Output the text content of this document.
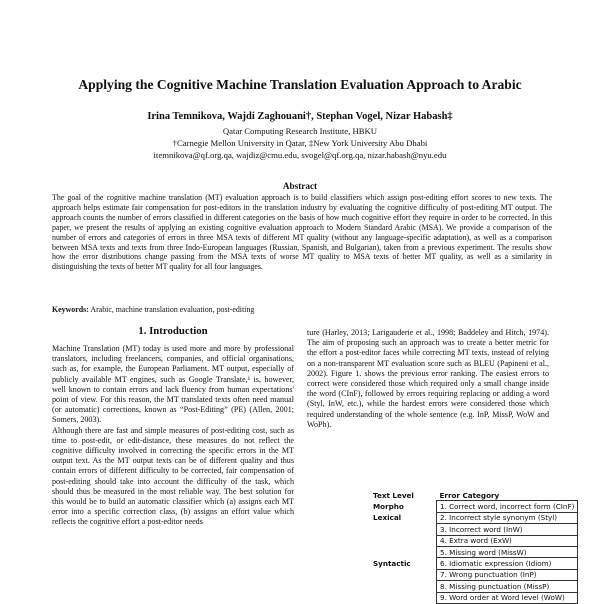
Applying the Cognitive Machine Translation Evaluation Approach to Arabic
Irina Temnikova, Wajdi Zaghouani†, Stephan Vogel, Nizar Habash‡
Qatar Computing Research Institute, HBKU
†Carnegie Mellon University in Qatar, ‡New York University Abu Dhabi
itemnikova@qf.org.qa, wajdiz@cmu.edu, svogel@qf.org.qa, nizar.habash@nyu.edu
Abstract
The goal of the cognitive machine translation (MT) evaluation approach is to build classifiers which assign post-editing effort scores to new texts. The approach helps estimate fair compensation for post-editors in the translation industry by evaluating the cognitive difficulty of post-editing MT output. The approach counts the number of errors classified in different categories on the basis of how much cognitive effort they require in order to be corrected. In this paper, we present the results of applying an existing cognitive evaluation approach to Modern Standard Arabic (MSA). We provide a comparison of the number of errors and categories of errors in three MSA texts of different MT quality (without any language-specific adaptation), as well as a comparison between MSA texts and texts from three Indo-European languages (Russian, Spanish, and Bulgarian), taken from a previous experiment. The results show how the error distributions change passing from the MSA texts of worse MT quality to MSA texts of better MT quality, as well as a similarity in distinguishing the texts of better MT quality for all four languages.
Keywords: Arabic, machine translation evaluation, post-editing
1. Introduction

Machine Translation (MT) today is used more and more by professional translators, including freelancers, companies, and official organisations, such as, for example, the European Parliament. MT output, especially of publicly available MT engines, such as Google Translate,¹ is, however, well known to contain errors and lack fluency from human expectations' point of view. For this reason, the MT translated texts often need manual (or automatic) corrections, known as “Post-Editing” (PE) (Allen, 2001; Somers, 2003).

Although there are fast and simple measures of post-editing cost, such as time to post-edit, or edit-distance, these measures do not reflect the cognitive difficulty involved in correcting the specific errors in the MT output text. As the MT output texts can be of different quality and thus contain errors of different difficulty to be corrected, fair compensation of post-editing should take into account the difficulty of the task, which should thus be measured in the most reliable way. The best solution for this would be to build an automatic classifier which (a) assigns each MT error into a specific correction class, (b) assigns an effort value which reflects the cognitive effort a post-editor needs

ture (Harley, 2013; Larigauderie et al., 1998; Baddeley and Hitch, 1974). The aim of proposing such an approach was to create a better metric for the effort a post-editor faces while correcting MT texts, instead of relying on a non-transparent MT evaluation score such as BLEU (Papineni et al., 2002). Figure 1. shows the previous error ranking. The easiest errors to correct were considered those which required only a small change inside the word (CInF), followed by errors requiring replacing or adding a word (Styl, InW, etc.), while the hardest errors were considered those which required understanding of the whole sentence (e.g. InP, MissP, WoW and WoPh).

Text Level	Error Category
Morpho	1. Correct word, incorrect form (CInF)
Lexical	2. Incorrect style synonym (Styl)
	3. Incorrect word (InW)
	4. Extra word (ExW)
	5. Missing word (MissW)
Syntactic	6. Idiomatic expression (Idiom)
	7. Wrong punctuation (InP)
	8. Missing punctuation (MissP)
	9. Word order at Word level (WoW)
